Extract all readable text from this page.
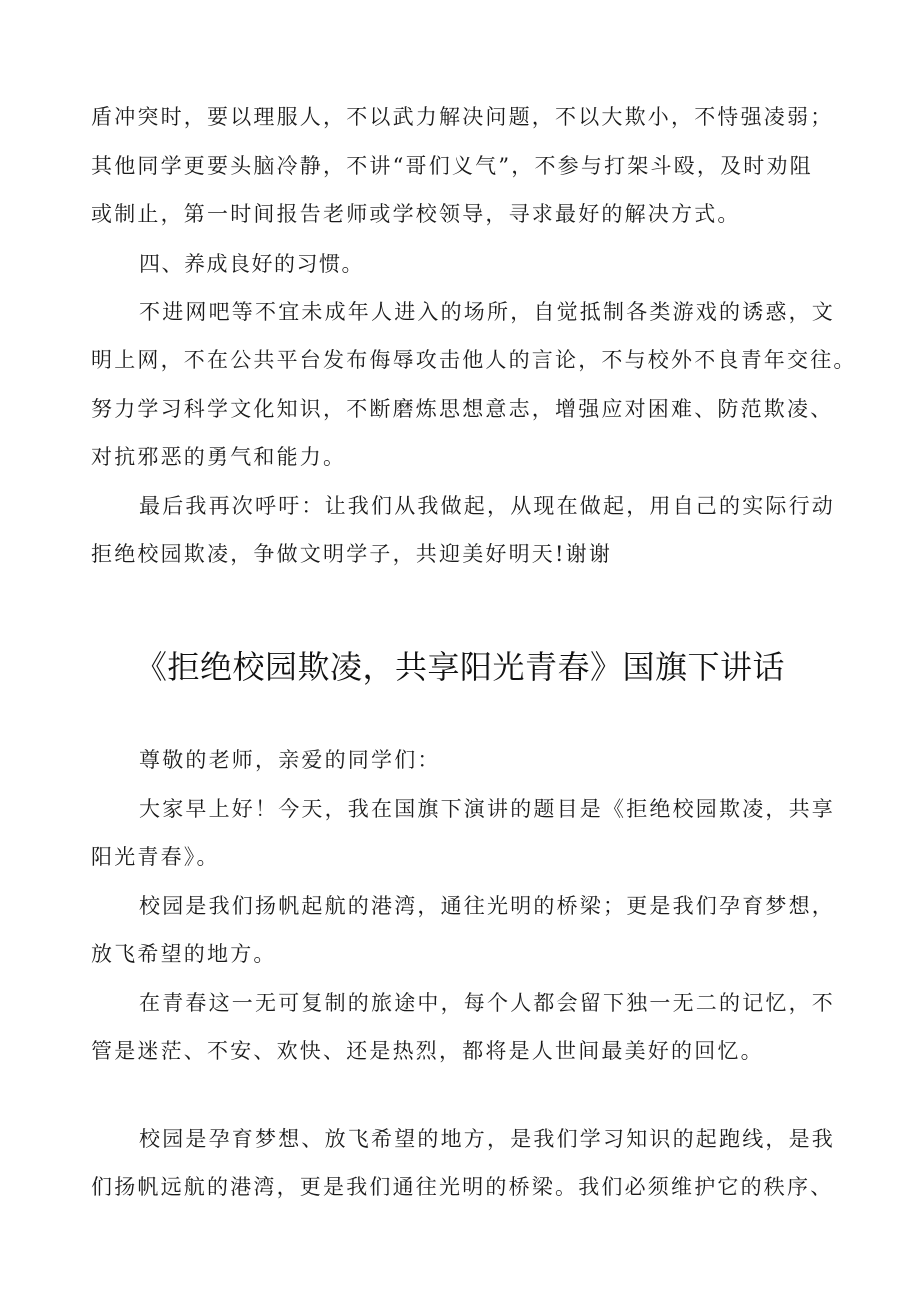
盾冲突时，要以理服人，不以武力解决问题，不以大欺小，不恃强凌弱；
其他同学更要头脑冷静，不讲“哥们义气”，不参与打架斗殴，及时劝阻
或制止，第一时间报告老师或学校领导，寻求最好的解决方式。
四、养成良好的习惯。
不进网吧等不宜未成年人进入的场所，自觉抵制各类游戏的诱惑，文
明上网，不在公共平台发布侮辱攻击他人的言论，不与校外不良青年交往。
努力学习科学文化知识，不断磨炼思想意志，增强应对困难、防范欺凌、
对抗邪恶的勇气和能力。
最后我再次呼吁：让我们从我做起，从现在做起，用自己的实际行动
拒绝校园欺凌，争做文明学子，共迎美好明天!谢谢
《拒绝校园欺凌，共享阳光青春》国旗下讲话
尊敬的老师，亲爱的同学们：
大家早上好！今天，我在国旗下演讲的题目是《拒绝校园欺凌，共享
阳光青春》。
校园是我们扬帆起航的港湾，通往光明的桥梁；更是我们孕育梦想，
放飞希望的地方。
在青春这一无可复制的旅途中，每个人都会留下独一无二的记忆，不
管是迷茫、不安、欢快、还是热烈，都将是人世间最美好的回忆。
校园是孕育梦想、放飞希望的地方，是我们学习知识的起跑线，是我
们扬帆远航的港湾，更是我们通往光明的桥梁。我们必须维护它的秩序、
